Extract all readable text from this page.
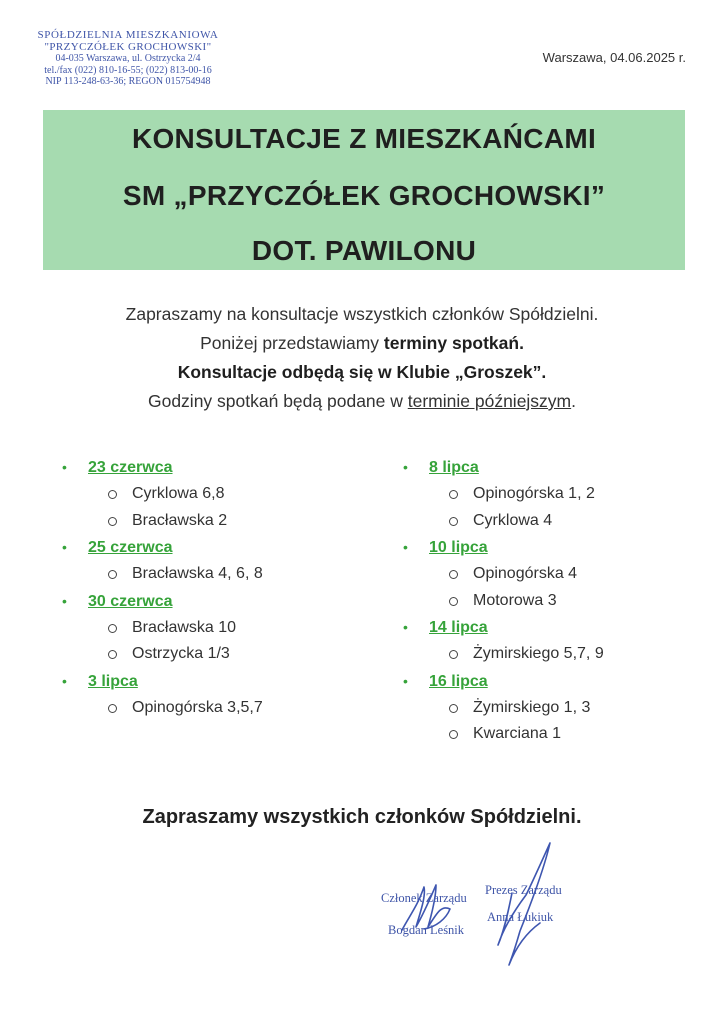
SPÓŁDZIELNIA MIESZKANIOWA
"PRZYCZÓŁEK GROCHOWSKI"
04-035 Warszawa, ul. Ostrzycka 2/4
tel./fax (022) 810-16-55; (022) 813-00-16
NIP 113-248-63-36; REGON 015754948
Warszawa, 04.06.2025 r.
KONSULTACJE Z MIESZKAŃCAMI
SM „PRZYCZÓŁEK GROCHOWSKI”
DOT. PAWILONU

Zapraszamy na konsultacje wszystkich członków Spółdzielni.

Poniżej przedstawiamy terminy spotkań.

Konsultacje odbędą się w Klubie „Groszek”.

Godziny spotkań będą podane w terminie późniejszym.

•	23 czerwca
Cyrklowa 6,8
Bracławska 2
•	25 czerwca
Bracławska 4, 6, 8
•	30 czerwca
Bracławska 10
Ostrzycka 1/3
•	3 lipca
Opinogórska 3,5,7
•	8 lipca
Opinogórska 1, 2
Cyrklowa 4
•	10 lipca
Opinogórska 4
Motorowa 3
•	14 lipca
Żymirskiego 5,7, 9
•	16 lipca
Żymirskiego 1, 3
Kwarciana 1
Zapraszamy wszystkich członków Spółdzielni.
Członek Zarządu
Bogdan Leśnik
Prezes Zarządu
Anna Łukiuk
